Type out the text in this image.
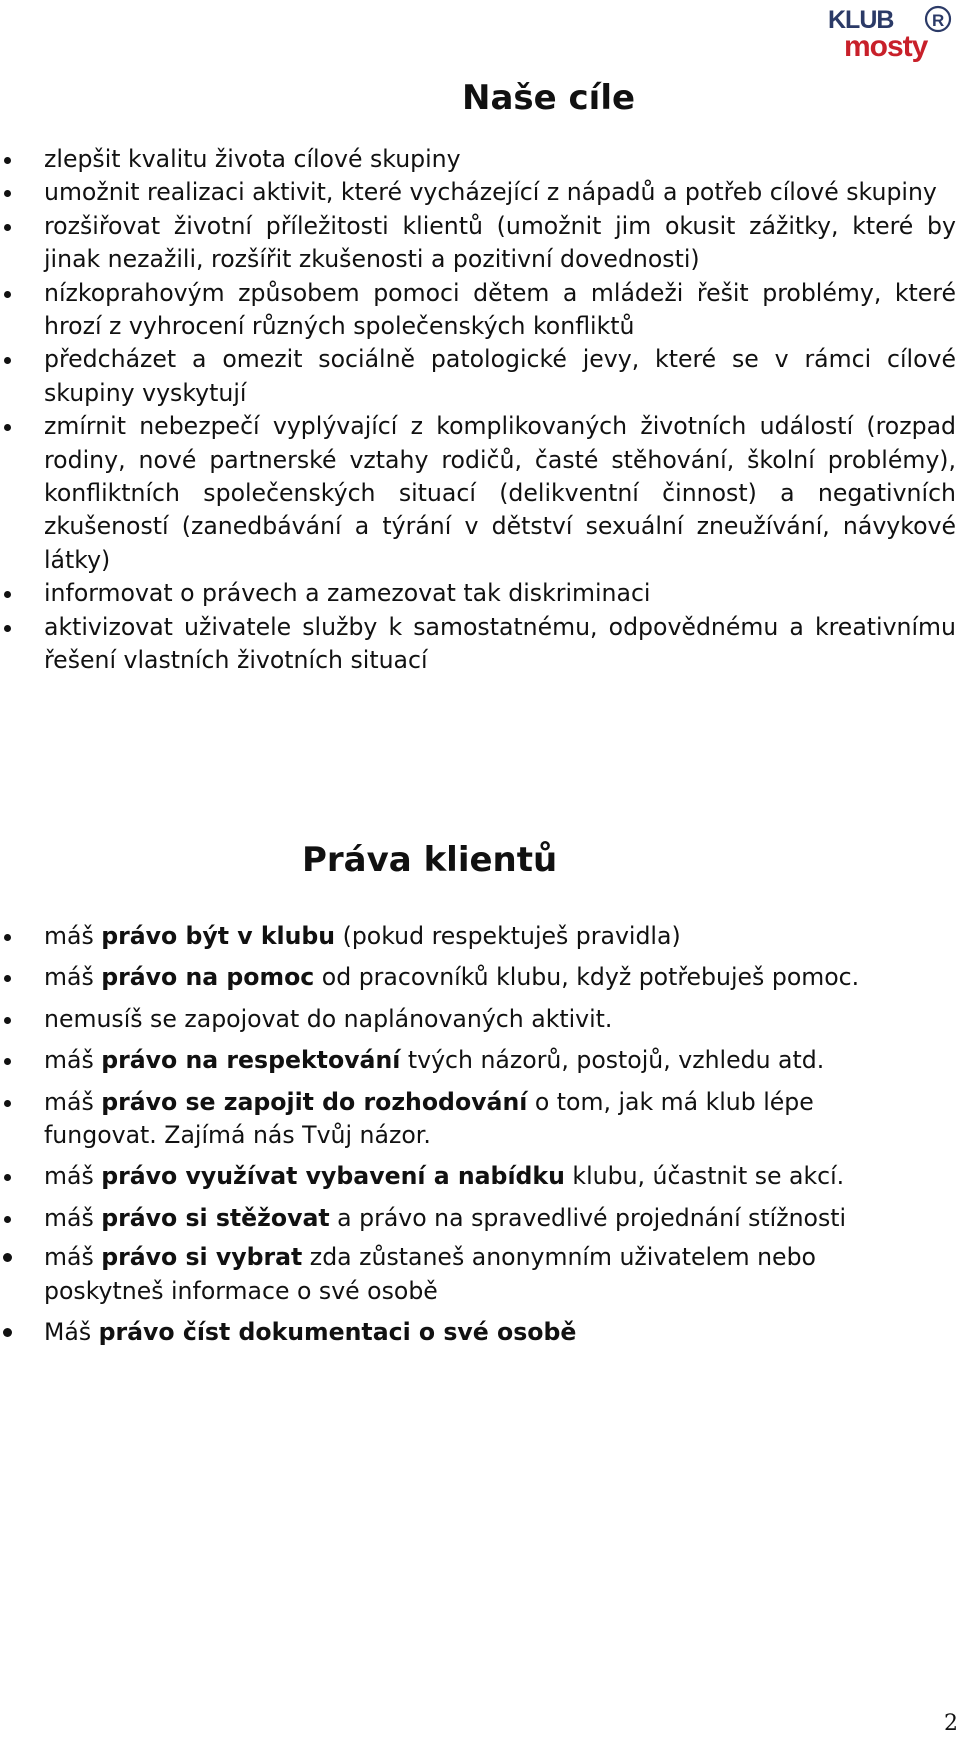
KLUB
mosty
R
Naše cíle
zlepšit kvalitu života cílové skupiny
umožnit realizaci aktivit, které vycházející z nápadů a potřeb cílové skupiny
rozšiřovat životní příležitosti klientů (umožnit jim okusit zážitky, které by jinak nezažili, rozšířit zkušenosti a pozitivní dovednosti)
nízkoprahovým způsobem pomoci dětem a mládeži řešit problémy, které hrozí z vyhrocení různých společenských konfliktů
předcházet a omezit sociálně patologické jevy, které se v rámci cílové skupiny vyskytují
zmírnit nebezpečí vyplývající z komplikovaných životních událostí (rozpad rodiny, nové partnerské vztahy rodičů, časté stěhování, školní problémy), konfliktních společenských situací (delikventní činnost) a negativních zkušeností (zanedbávání a týrání v dětství sexuální zneužívání, návykové látky)
informovat o právech a zamezovat tak diskriminaci
aktivizovat uživatele služby k samostatnému, odpovědnému a kreativnímu řešení vlastních životních situací
Práva klientů
máš právo být v klubu (pokud respektuješ pravidla)
máš právo na pomoc od pracovníků klubu, když potřebuješ pomoc.
nemusíš se zapojovat do naplánovaných aktivit.
máš právo na respektování tvých názorů, postojů, vzhledu atd.
máš právo se zapojit do rozhodování o tom, jak má klub lépe fungovat. Zajímá nás Tvůj názor.
máš právo využívat vybavení a nabídku klubu, účastnit se akcí.
máš právo si stěžovat a právo na spravedlivé projednání stížnosti
máš právo si vybrat zda zůstaneš anonymním uživatelem nebo poskytneš informace o své osobě
Máš právo číst dokumentaci o své osobě
2
